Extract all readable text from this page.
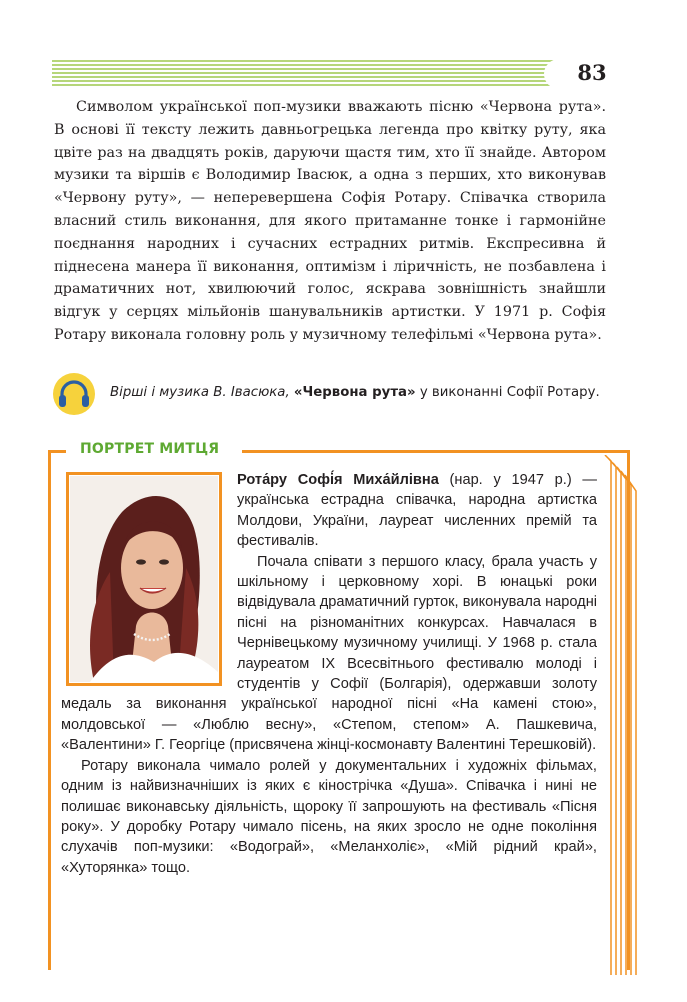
83

Символом української поп-музики вважають пісню «Червона рута». В основі її тексту лежить давньогрецька легенда про квітку руту, яка цвіте раз на двадцять років, даруючи щастя тим, хто її знайде. Автором музики та віршів є Володимир Івасюк, а одна з перших, хто виконував «Червону руту», — неперевершена Софія Ротару. Співачка створила власний стиль виконання, для якого притаманне тонке і гармонійне поєднання народних і сучасних естрадних ритмів. Експресивна й піднесена манера її виконання, оптимізм і ліричність, не позбавлена і драматичних нот, хвилюючий голос, яскрава зовнішність знайшли відгук у серцях мільйонів шанувальників артистки. У 1971 р. Софія Ротару виконала головну роль у музичному телефільмі «Червона рута».

Вірші і музика В. Івасюка, «Червона рута» у виконанні Софії Ротару.

ПОРТРЕТ МИТЦЯ

Рота́ру Софі́я Миха́йлівна (нар. у 1947 р.) —українська естрадна співачка, народна артистка Молдови, України, лауреат численних премій та фестивалів.

Почала співати з першого класу, брала участь у шкільному і церковному хорі. В юнацькі роки відвідувала драматичний гурток, виконувала народні пісні на різноманітних конкурсах. Навчалася в Чернівецькому музичному училищі. У 1968 р. стала лауреатом IX Всесвітнього фестивалю молоді і студентів у Софії (Болгарія), одержавши золоту медаль за виконання української народної пісні «На камені стою», молдовської — «Люблю весну», «Степом, степом» А. Пашкевича, «Валентини» Г. Георгіце (присвячена жінці-космонавту Валентині Терешковій).

Ротару виконала чимало ролей у документальних і художніх фільмах, одним із найвизначніших із яких є кінострічка «Душа». Співачка і нині не полишає виконавську діяльність, щороку її запрошують на фестиваль «Пісня року». У доробку Ротару чимало пісень, на яких зросло не одне покоління слухачів поп-музики: «Водограй», «Меланхоліє», «Мій рідний край», «Хуторянка» тощо.
